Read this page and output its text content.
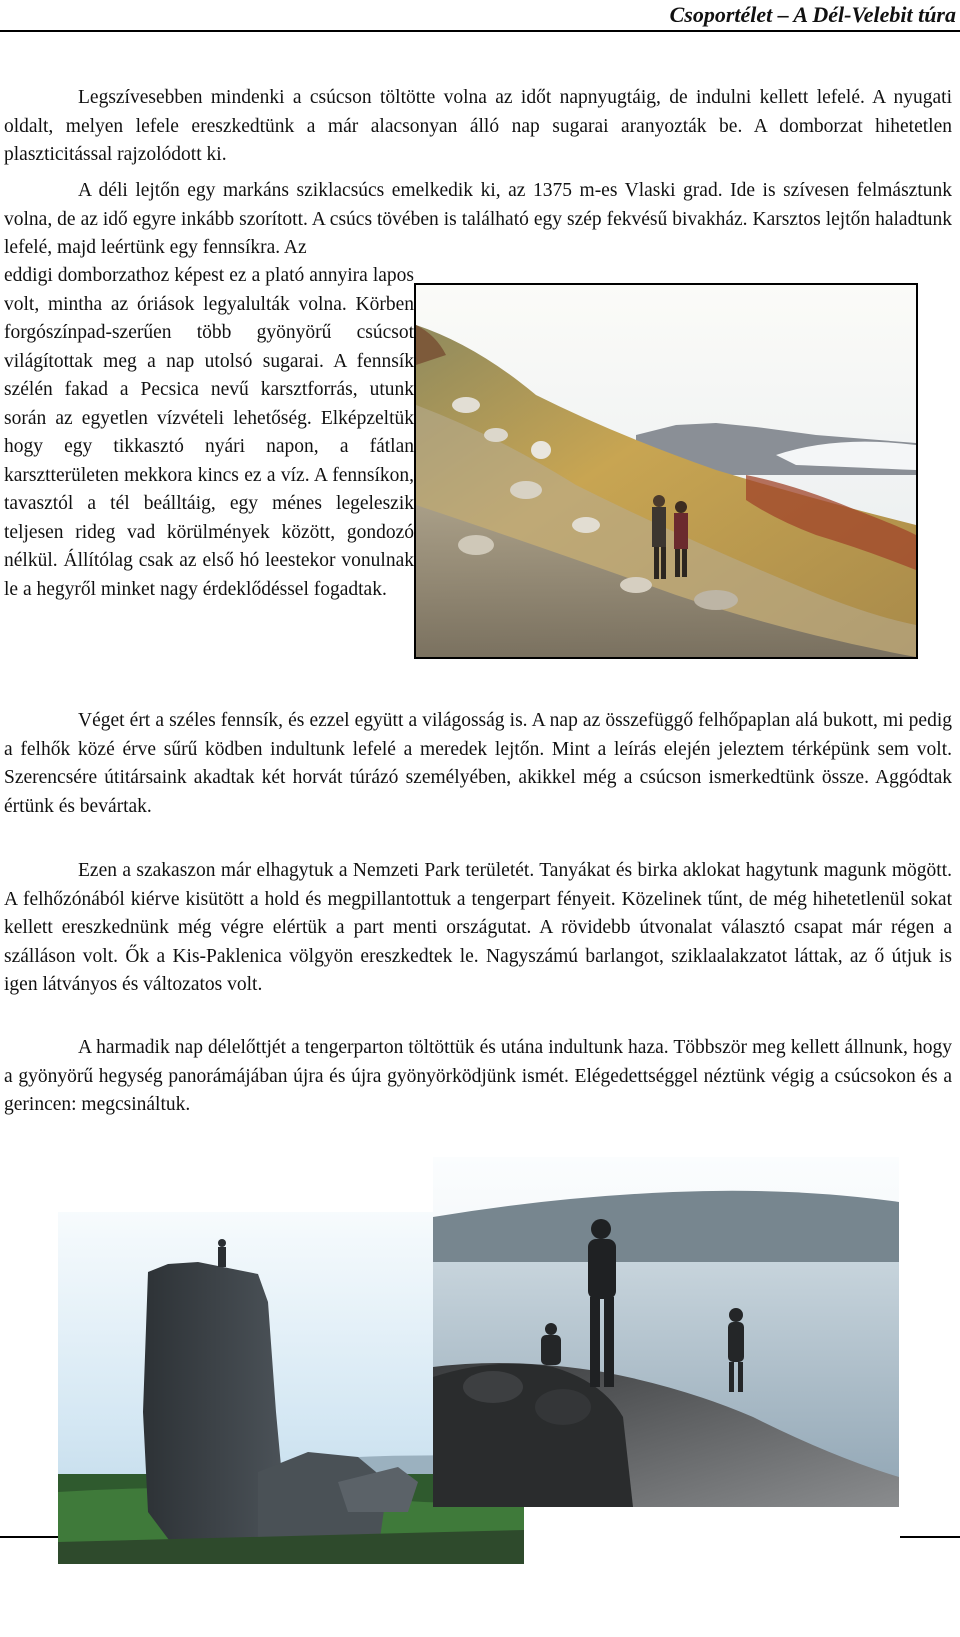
Csoportélet – A Dél-Velebit túra

Legszívesebben mindenki a csúcson töltötte volna az időt napnyugtáig, de indulni kellett lefelé. A nyugati oldalt, melyen lefele ereszkedtünk a már alacsonyan álló nap sugarai aranyozták be. A domborzat hihetetlen plaszticitással rajzolódott ki.

A déli lejtőn egy markáns sziklacsúcs emelkedik ki, az 1375 m-es Vlaski grad. Ide is szívesen felmásztunk volna, de az idő egyre inkább szorított. A csúcs tövében is található egy szép fekvésű bivakház. Karsztos lejtőn haladtunk lefelé, majd leértünk egy fennsíkra. Az

eddigi domborzathoz képest ez a plató annyira lapos volt, mintha az óriások legyalulták volna. Körben forgószínpad-szerűen több gyönyörű csúcsot világítottak meg a nap utolsó sugarai. A fennsík szélén fakad a Pecsica nevű karsztforrás, utunk során az egyetlen vízvételi lehetőség. Elképzeltük hogy egy tikkasztó nyári napon, a fátlan karsztterületen mekkora kincs ez a víz. A fennsíkon, tavasztól a tél beálltáig, egy ménes legeleszik teljesen rideg vad körülmények között, gondozó nélkül. Állítólag csak az első hó leestekor vonulnak le a hegyről minket nagy érdeklődéssel fogadtak.

Véget ért a széles fennsík, és ezzel együtt a világosság is. A nap az összefüggő felhőpaplan alá bukott, mi pedig a felhők közé érve sűrű ködben indultunk lefelé a meredek lejtőn. Mint a leírás elején jeleztem térképünk sem volt. Szerencsére útitársaink akadtak két horvát túrázó személyében, akikkel még a csúcson ismerkedtünk össze. Aggódtak értünk és bevártak.

Ezen a szakaszon már elhagytuk a Nemzeti Park területét. Tanyákat és birka aklokat hagytunk magunk mögött. A felhőzónából kiérve kisütött a hold és megpillantottuk a tengerpart fényeit. Közelinek tűnt, de még hihetetlenül sokat kellett ereszkednünk még végre elértük a part menti országutat. A rövidebb útvonalat választó csapat már régen a szálláson volt. Ők a Kis-Paklenica völgyön ereszkedtek le. Nagyszámú barlangot, sziklaalakzatot láttak, az ő útjuk is igen látványos és változatos volt.

A harmadik nap délelőttjét a tengerparton töltöttük és utána indultunk haza. Többször meg kellett állnunk, hogy a gyönyörű hegység panorámájában újra és újra gyönyörködjünk ismét. Elégedettséggel néztünk végig a csúcsokon és a gerincen: megcsináltuk.
